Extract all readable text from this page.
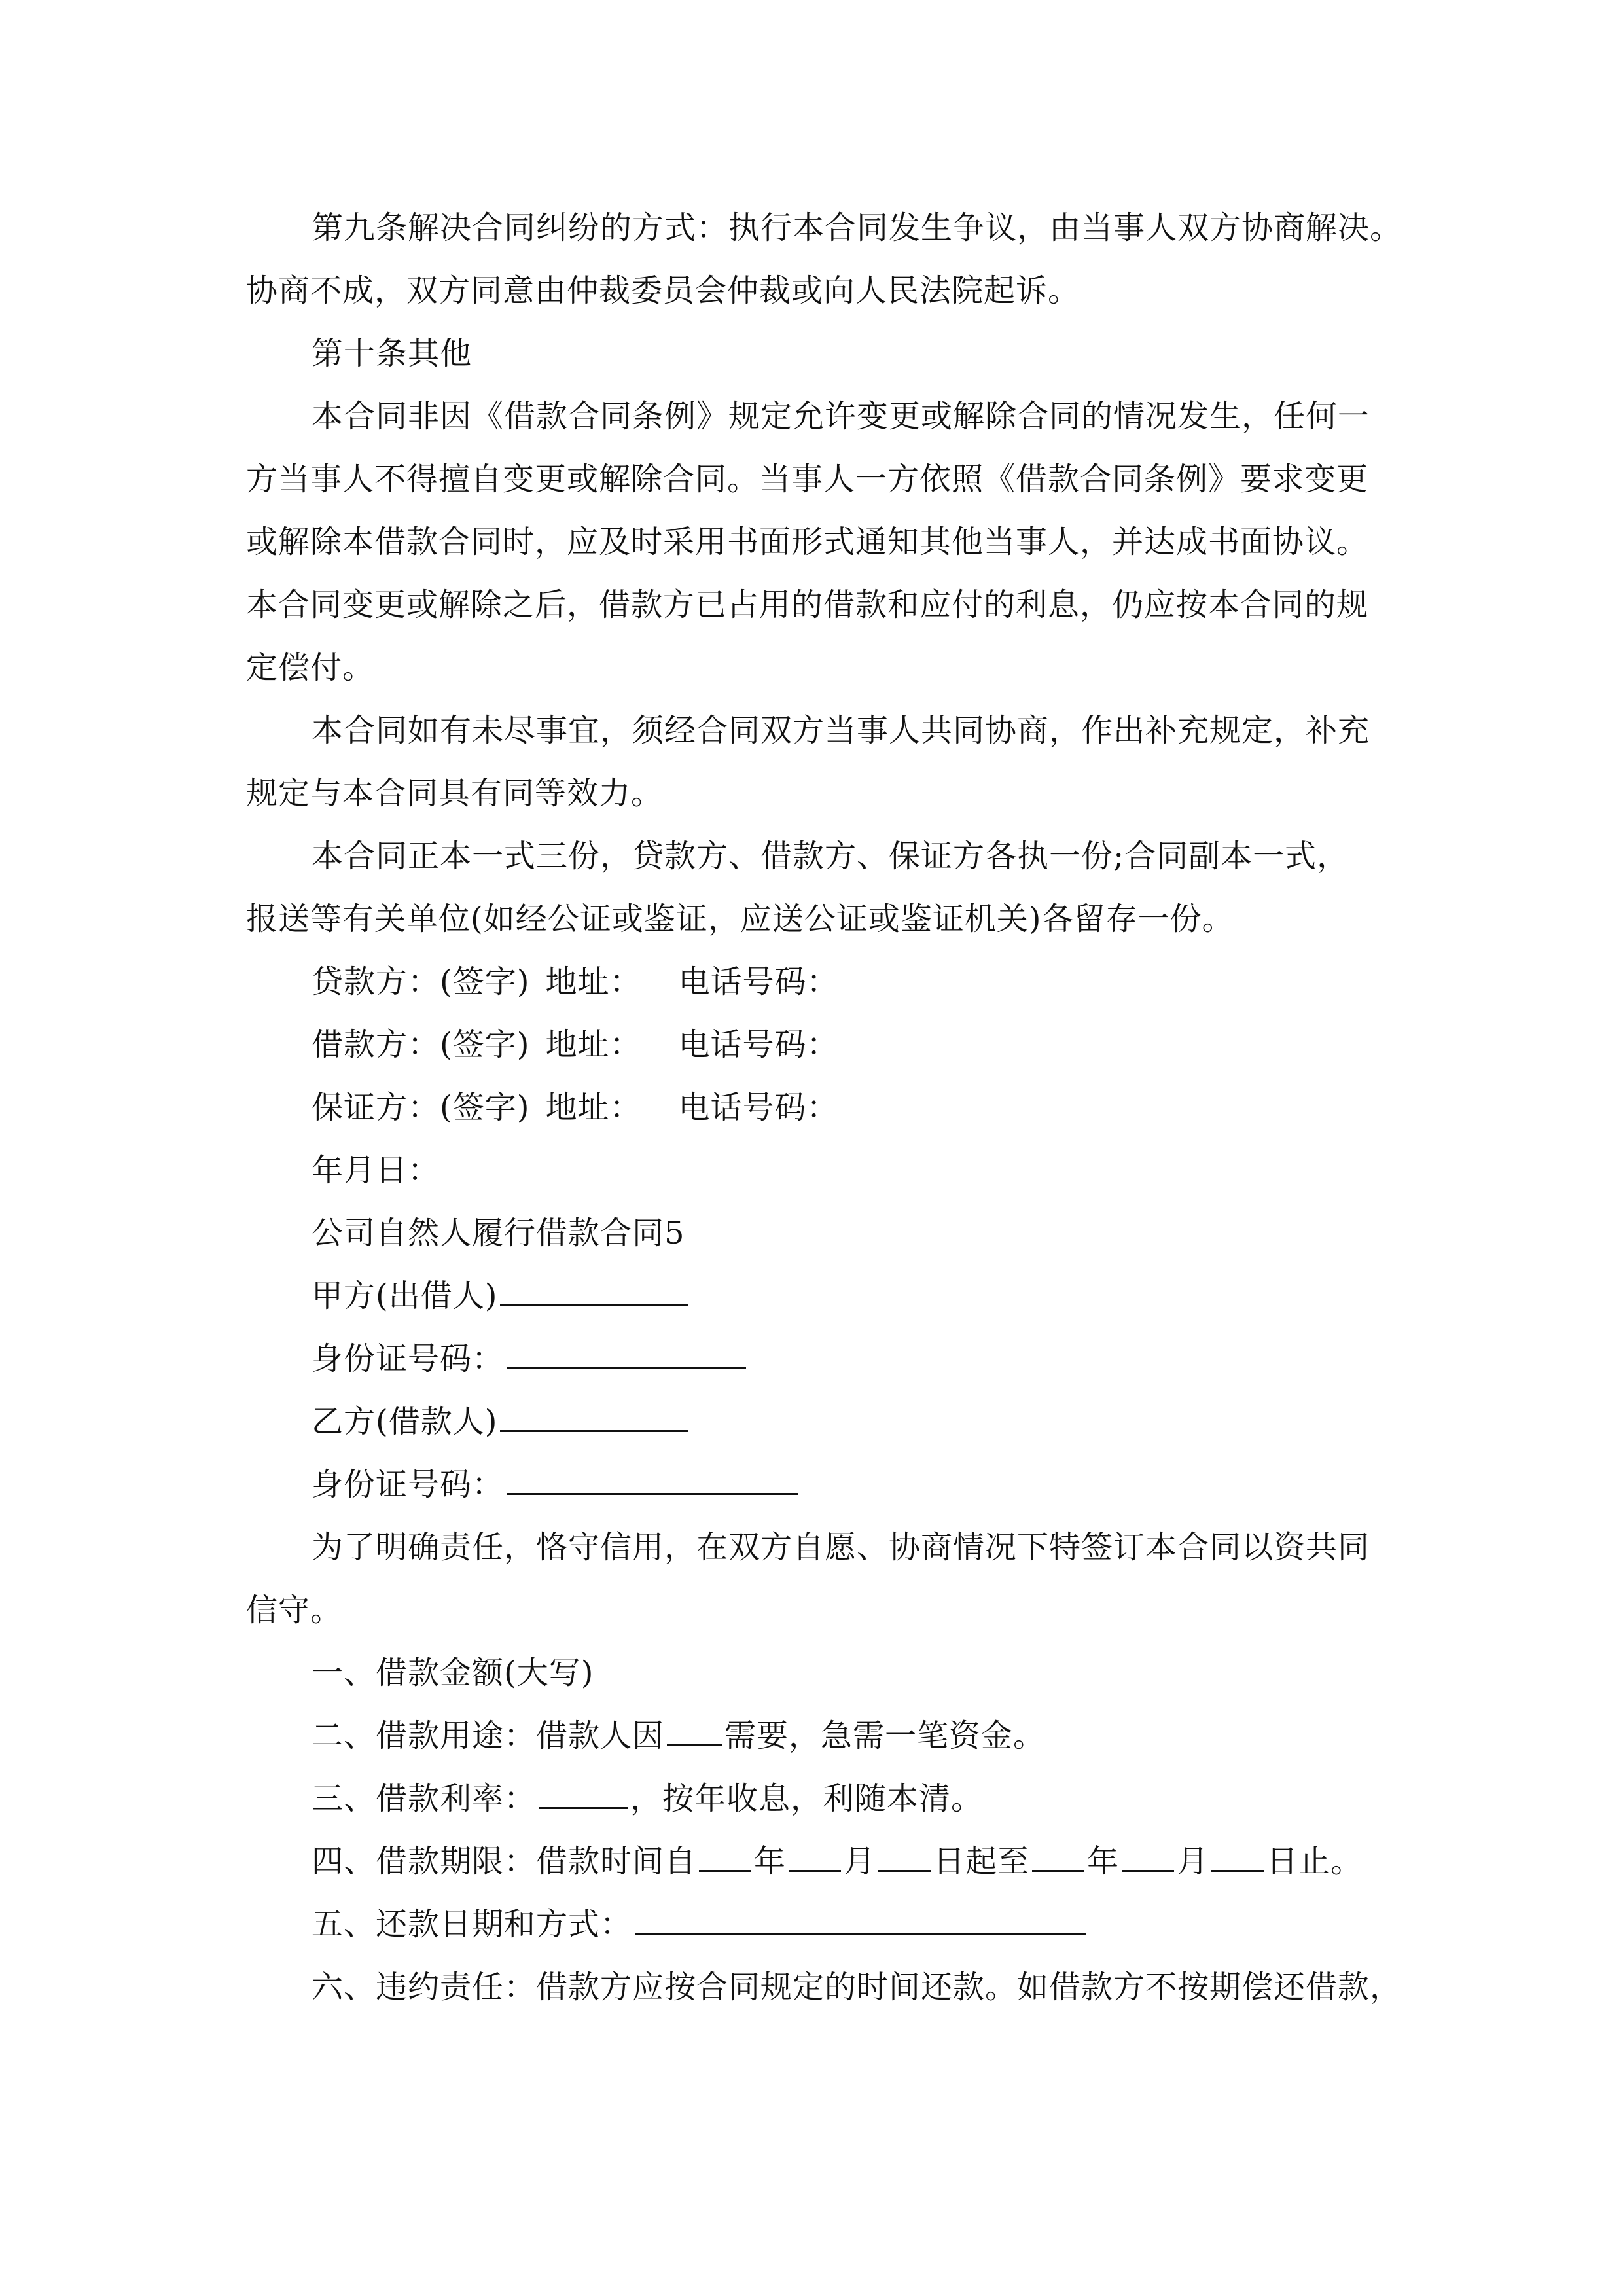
第九条解决合同纠纷的方式：执行本合同发生争议，由当事人双方协商解决。
协商不成，双方同意由仲裁委员会仲裁或向人民法院起诉。
第十条其他
本合同非因《借款合同条例》规定允许变更或解除合同的情况发生，任何一
方当事人不得擅自变更或解除合同。当事人一方依照《借款合同条例》要求变更
或解除本借款合同时，应及时采用书面形式通知其他当事人，并达成书面协议。
本合同变更或解除之后，借款方已占用的借款和应付的利息，仍应按本合同的规
定偿付。
本合同如有未尽事宜，须经合同双方当事人共同协商，作出补充规定，补充
规定与本合同具有同等效力。
本合同正本一式三份，贷款方、借款方、保证方各执一份;合同副本一式，
报送等有关单位(如经公证或鉴证，应送公证或鉴证机关)各留存一份。
贷款方：(签字) 地址： 电话号码：
借款方：(签字) 地址： 电话号码：
保证方：(签字) 地址： 电话号码：
年月日：
公司自然人履行借款合同5
甲方(出借人)
身份证号码：
乙方(借款人)
身份证号码：
为了明确责任，恪守信用，在双方自愿、协商情况下特签订本合同以资共同
信守。
一、借款金额(大写)
二、借款用途：借款人因 需要，急需一笔资金。
三、借款利率：	，按年收息，利随本清。
四、借款期限：借款时间自 年 月 日起至 年 月 日止。
五、还款日期和方式：
六、违约责任：借款方应按合同规定的时间还款。如借款方不按期偿还借款，
